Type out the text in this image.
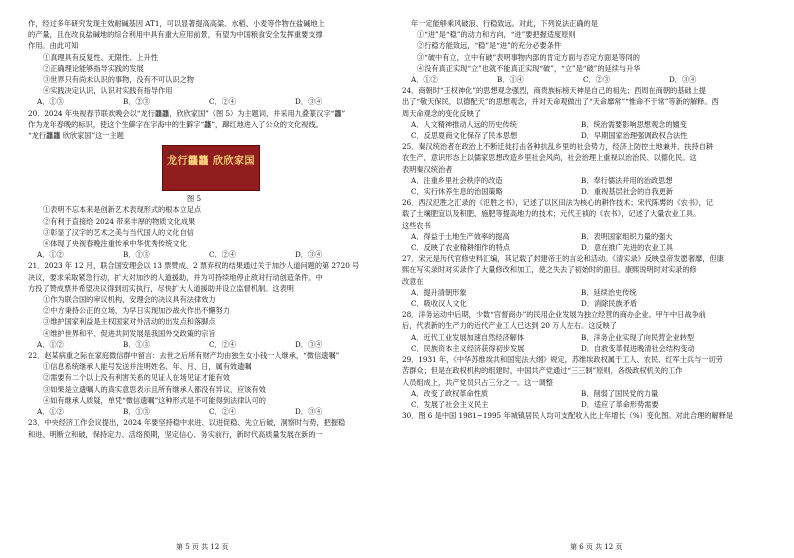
作，经过多年研究发现主效耐碱基因 AT1，可以显著提高高粱、水稻、小麦等作物在盐碱地上
的产量，且在改良盐碱地的综合利用中具有重大应用前景，有望为中国粮食安全发挥重要支撑
作用。由此可知
①真理具有反复性、无限性、上升性
②正确理论能够指导实践的发展
③世界只有尚未认识的事物，没有不可认识之物
④实践决定认识，认识对实践有指导作用
A．①③	B．②③	C．②④	D．③④
20．2024 年央视春节联欢晚会以“龙行龘龘，欣欣家国”（图 5）为主题词，并采用九叠篆汉字“龘”
作为龙年春晚的标识，使这个生僻字在字海中的生僻字“龘”，蹿红地进入了公众的文化视线。
“龙行龘龘 欣欣家国”这一主题
龙行龘龘 欣欣家国
图 5
①表明不忘本来是创新艺术表现形式的根本立足点
②有利于直接给 2024 带来丰厚的物质文化成果
③彰显了汉字的艺术之美与当代国人的文化自信
④体现了央视春晚注重传承中华优秀传统文化
A．①②	B．①③	C．②④	D．③④
21．2023 年 12 月，联合国安理会以 13 票赞成、2 票弃权的结果通过关于加沙人道问题的第 2720 号
决议，要求采取紧急行动，扩大对加沙的人道援助，并为可持续地停止敌对行动创造条件。中
方投了赞成票并希望决议得到切实执行，尽快扩大人道援助并设立监督机制。这表明
①作为联合国的审议机构，安理会的决议具有法律效力
②中方秉持公正的立场，为早日实现加沙战火作出不懈努力
③维护国家利益是主权国家对外活动的出发点和落脚点
④维护世界和平、促进共同发展是我国外交政策的宗旨
A．①②	B．①③	C．②④	D．③④
22．赵某病重之际在家庭微信群中留言：去世之后所有财产均由独生女小钱一人继承，“微信遗嘱”
①信息系统继承人能号发送并注明姓名、年、月、日，属有效遗嘱
②需要有二个以上没有利害关系的见证人在场见证才能有效
③如果是立遗嘱人的真实意思表示且所有继承人都没有异议，应该有效
④如有继承人质疑，单凭“微信遗嘱”这种形式是不可能得到法律认可的
A．①②	B．①③	C．②④	D．③④
23．中央经济工作会议提出，2024 年要坚持稳中求进、以进促稳、先立后破，洞察时与势，把握稳
和进、明断立和破，保持定力、活络预期，坚定信心、务实前行，新时代高质量发展在新的一
dá dá
第 5 页 共 12 页
年一定能够乘风破浪、行稳致远。对此，下列说法正确的是
①“进”是“稳”的动力和方向，“进”要把握适度原则
②行稳方能致远，“稳”是“进”的充分必要条件
③“破中有立，立中有破”表明事物内部的肯定方面与否定方面是等同的
④没有真正实现“立”也就不能真正实现“破”，“立”是“破”的延续与升华
A．①②	B．①④	C．②③	D．③④
24．商朝时“王权神化”的思想观念强烈，商贵族标榜天神是自己的祖先；西周在商朝的基础上提
出了“敬天保民，以德配天”的思想观念，并对天命观做出了“天命靡常”“惟命不于常”等新的解释。西
周天命观念的变化反映了
A．人文精神推动人远的历史传统	B．统治需要影响思想观念的嬗变
C．反思夏商文化保存了民本思想	D．早期国家治理强调政权合法性
25．秦汉统治者在政治上不断迁徙打击各种抗乱乡里的社会势力，经济上防控土地兼并、扶持自耕
农生产，意识形态上以儒家思想改造乡里社会风尚，社会治理上重视以治治民、以德化民。这
表明秦汉统治者
A．注重乡里社会秩序的改造	B．奉行儒法并用的治政思想
C．实行休养生息的治国策略	D．重视基层社会的自我更新
26．西汉氾胜之汇录的《氾胜之书》，记述了以区田法为核心的耕作技术；宋代陈旉的《农书》，记
载了土壤肥宜以及积肥、施肥等提高地力的技术；元代王祯的《农书》，记述了大量农业工具。
这些农书
A．得益于土地生产效率的提高	B．表明国家组织力量的强大
C．反映了农业精耕细作的特点	D．意在推广先进的农业工具
27．宋元是历代官修史料汇编，其记载了封建帝王的言论和活动。《清实录》反映皇帝发愿奢靡，但康
熙在写实录时对实录作了大量修改和加工，使之失去了初始时的面目。康熙说明时对实录的修
改意在
A．提升清朝形象	B．延续治史传统
C．吸收汉人文化	D．消除民族矛盾
28．洋务运动中后期，少数“官督商办”的民用企业发展为独立经营的商办企业。甲午中日战争前
后，代表新的生产力的近代产业工人已达到 20 万人左右。这反映了
A．近代工业发展加速自然经济解体	B．洋务企业实现了向民营企业转型
C．民族资本主义经济获得初步发展	D．自救变革促进晚清社会结构变动
29．1931 年，《中华苏维埃共和国宪法大纲》规定，苏维埃政权属于工人、农民、红军士兵与一切劳
苦群众；但是在政权机构的组建时，中国共产党通过“三三制”原则，各级政权机关的工作
人员组成上，共产党员只占三分之一。这一调整
A．改变了政权革命性质	B．削弱了国民党的力量
C．发展了社会主义民主	D．适应了革命形势需要
30．图 6 是中国 1981~1995 年城镇居民人均可支配收入比上年增长（%）变化图。对此合理的解释是
第 6 页 共 12 页
